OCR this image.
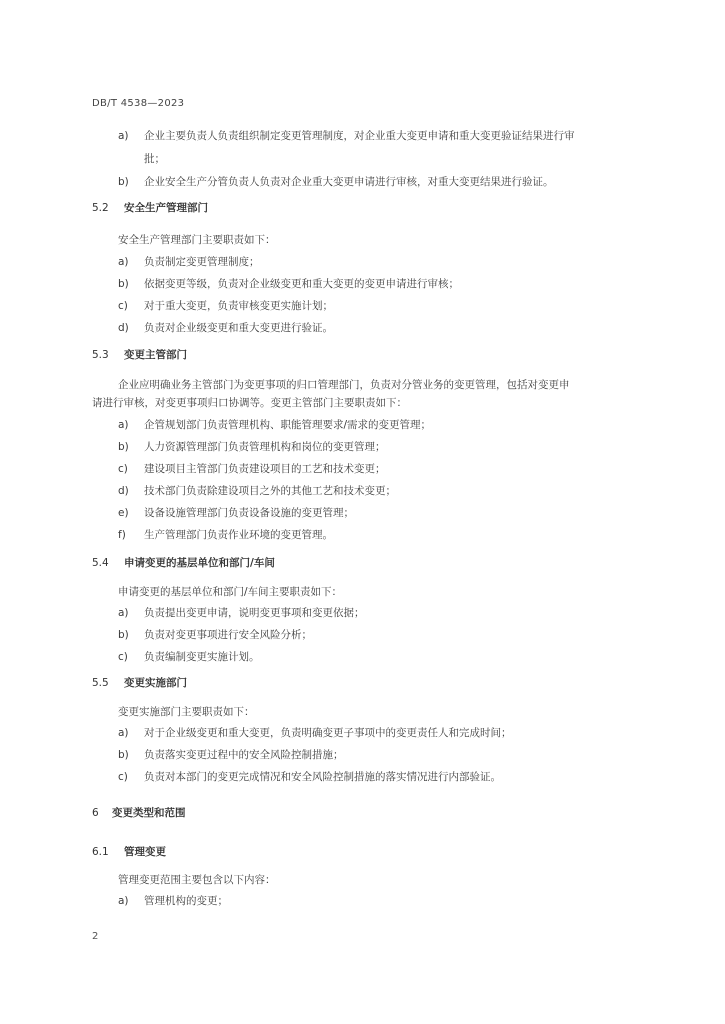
DB/T 4538—2023
a) 企业主要负责人负责组织制定变更管理制度，对企业重大变更申请和重大变更验证结果进行审
批；
b) 企业安全生产分管负责人负责对企业重大变更申请进行审核，对重大变更结果进行验证。
5.2 安全生产管理部门
安全生产管理部门主要职责如下：
a) 负责制定变更管理制度；
b) 依据变更等级，负责对企业级变更和重大变更的变更申请进行审核；
c) 对于重大变更，负责审核变更实施计划；
d) 负责对企业级变更和重大变更进行验证。
5.3 变更主管部门
企业应明确业务主管部门为变更事项的归口管理部门，负责对分管业务的变更管理，包括对变更申
请进行审核，对变更事项归口协调等。变更主管部门主要职责如下：
a) 企管规划部门负责管理机构、职能管理要求/需求的变更管理；
b) 人力资源管理部门负责管理机构和岗位的变更管理；
c) 建设项目主管部门负责建设项目的工艺和技术变更；
d) 技术部门负责除建设项目之外的其他工艺和技术变更；
e) 设备设施管理部门负责设备设施的变更管理；
f) 生产管理部门负责作业环境的变更管理。
5.4 申请变更的基层单位和部门/车间
申请变更的基层单位和部门/车间主要职责如下：
a) 负责提出变更申请，说明变更事项和变更依据；
b) 负责对变更事项进行安全风险分析；
c) 负责编制变更实施计划。
5.5 变更实施部门
变更实施部门主要职责如下：
a) 对于企业级变更和重大变更，负责明确变更子事项中的变更责任人和完成时间；
b) 负责落实变更过程中的安全风险控制措施；
c) 负责对本部门的变更完成情况和安全风险控制措施的落实情况进行内部验证。
6 变更类型和范围
6.1 管理变更
管理变更范围主要包含以下内容：
a) 管理机构的变更；
2
